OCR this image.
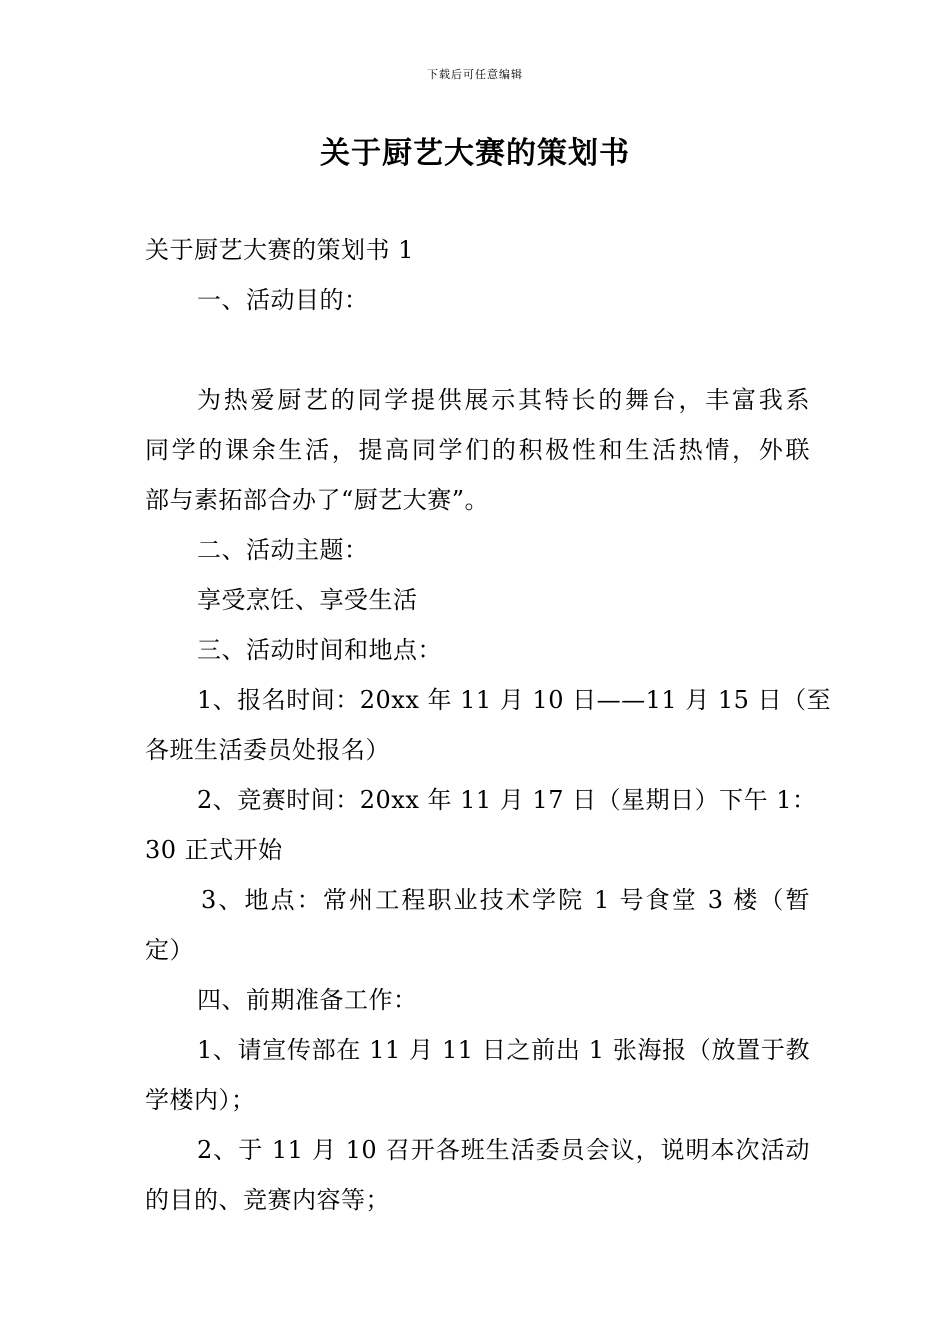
下载后可任意编辑
关于厨艺大赛的策划书
关于厨艺大赛的策划书 1
一、活动目的：
为热爱厨艺的同学提供展示其特长的舞台，丰富我系
同学的课余生活，提高同学们的积极性和生活热情，外联
部与素拓部合办了“厨艺大赛”。
二、活动主题：
享受烹饪、享受生活
三、活动时间和地点：
1、报名时间：20xx 年 11 月 10 日——11 月 15 日（至
各班生活委员处报名）
2、竞赛时间：20xx 年 11 月 17 日（星期日）下午 1：
30 正式开始
3、地点：常州工程职业技术学院 1 号食堂 3 楼（暂
定）
四、前期准备工作：
1、请宣传部在 11 月 11 日之前出 1 张海报（放置于教
学楼内）；
2、于 11 月 10 召开各班生活委员会议，说明本次活动
的目的、竞赛内容等；
